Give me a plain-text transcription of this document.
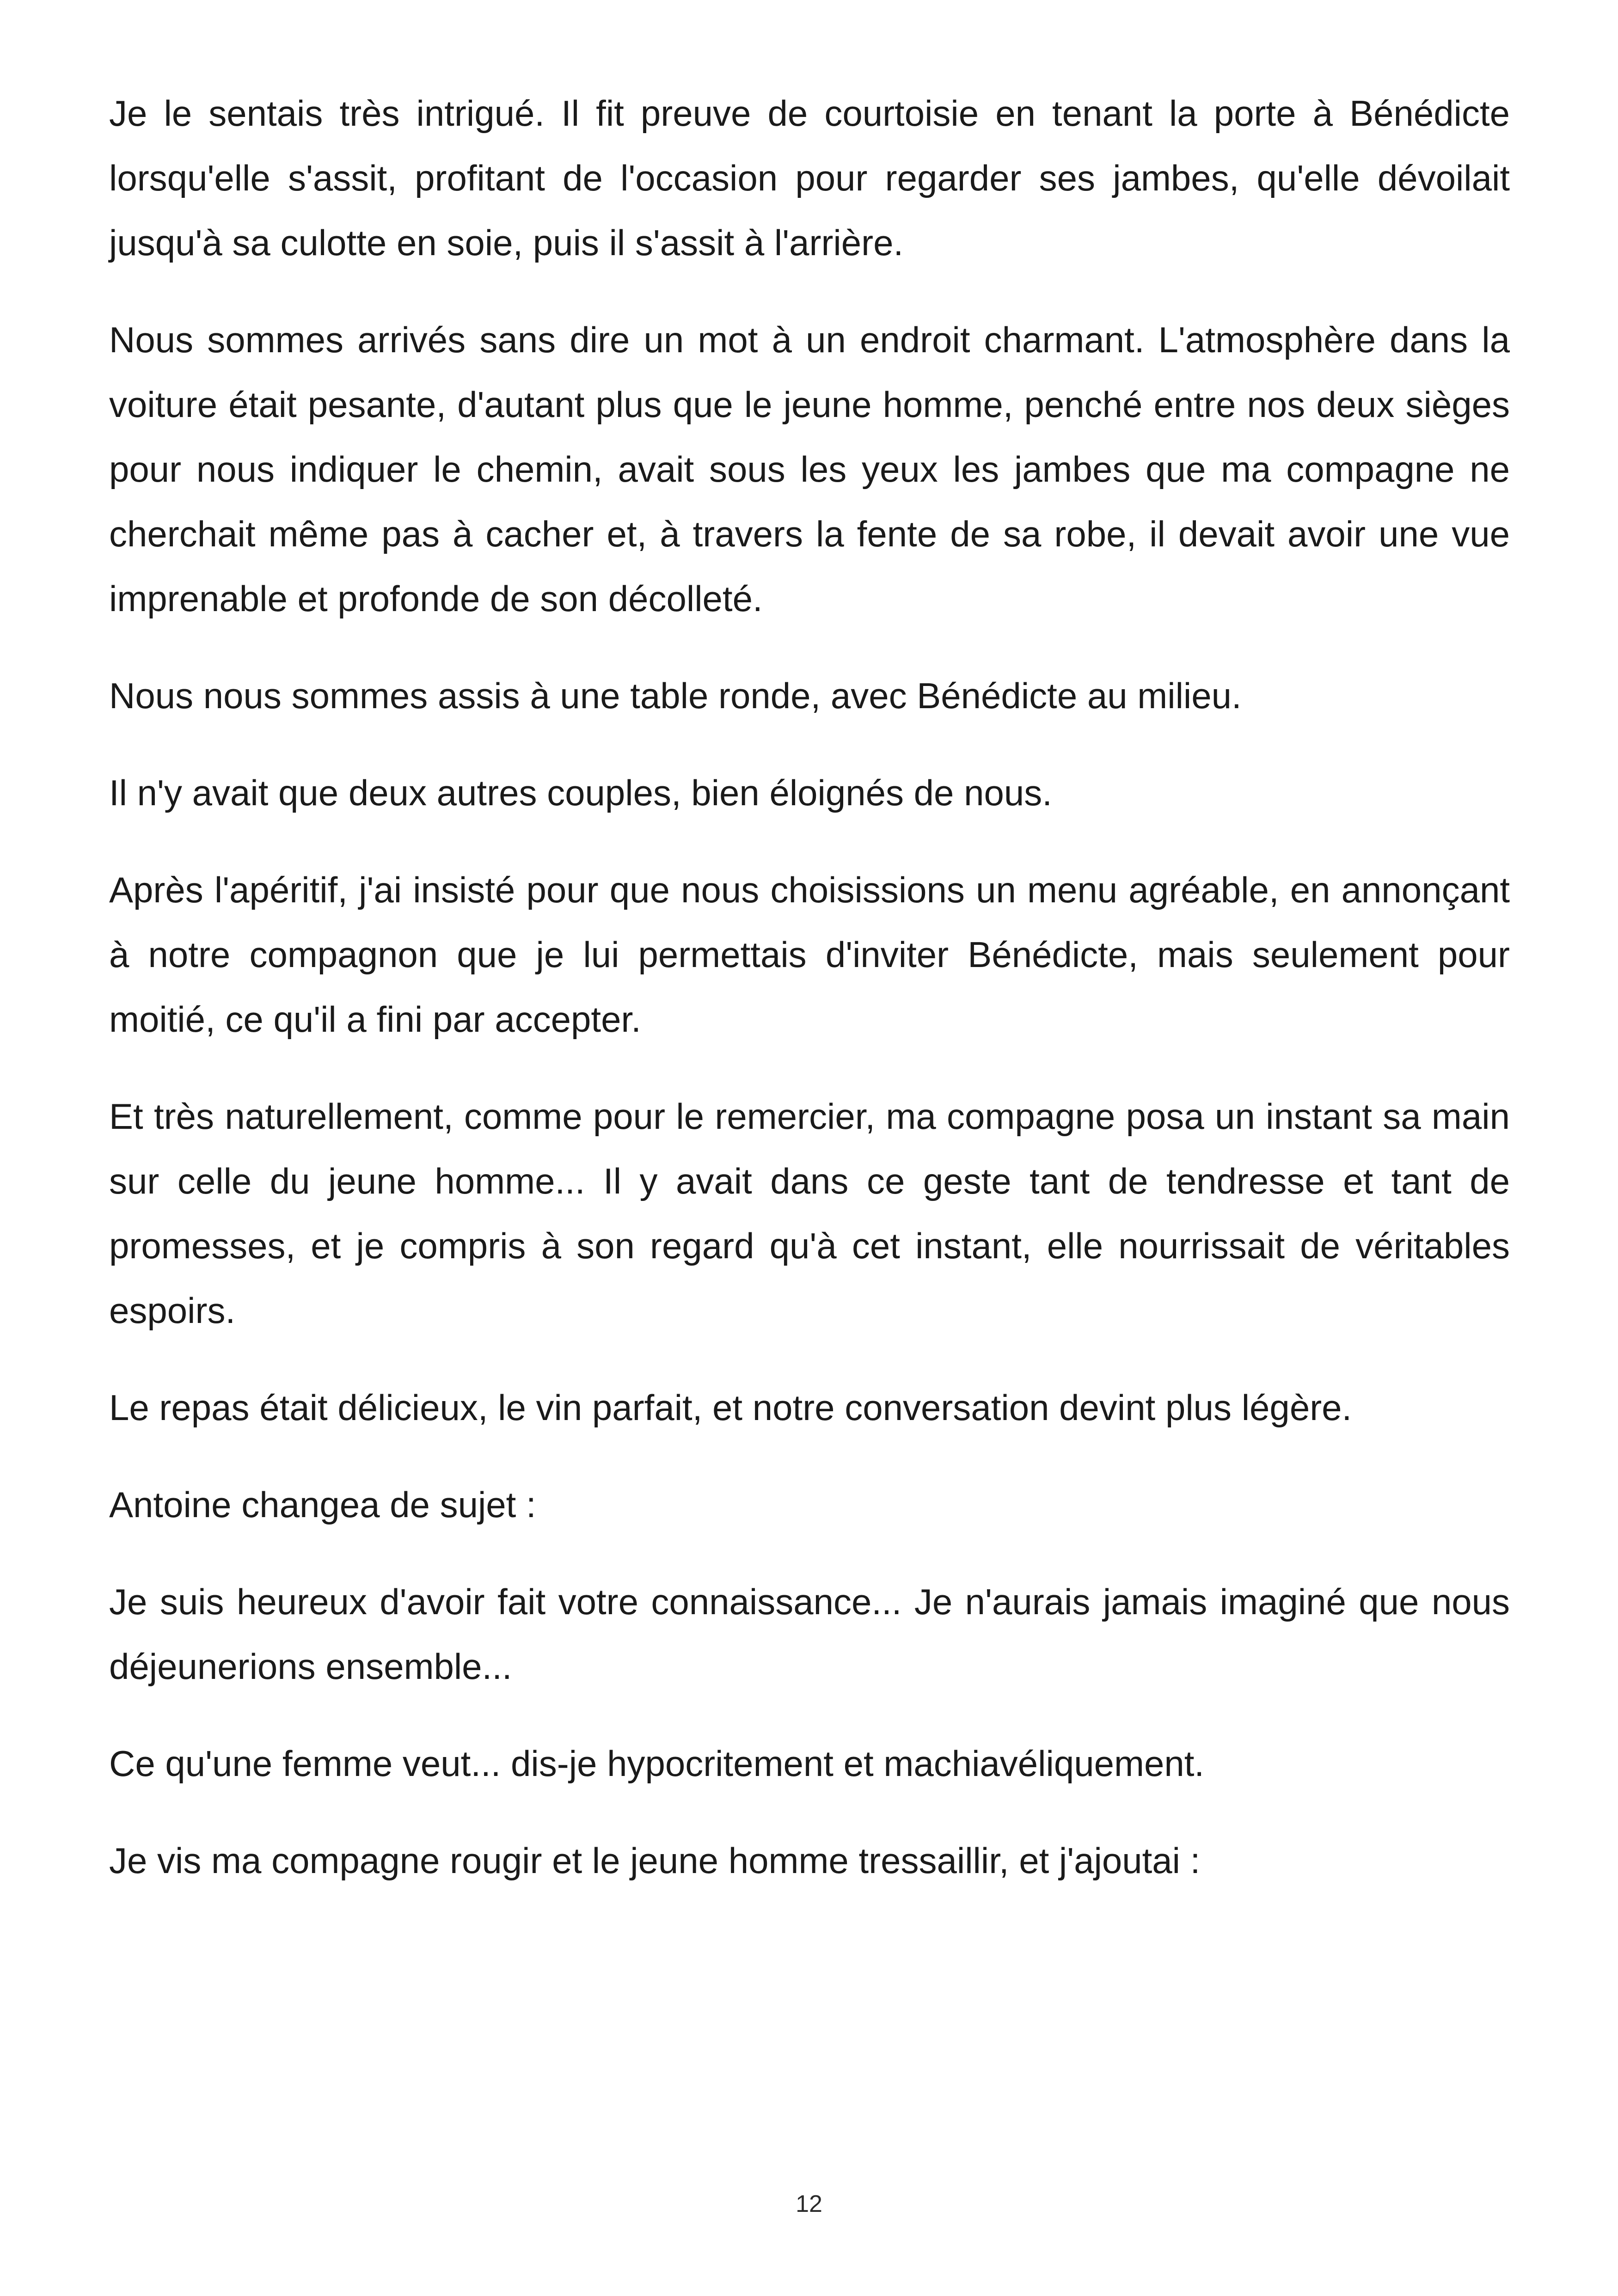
Je le sentais très intrigué. Il fit preuve de courtoisie en tenant la porte à Bénédicte lorsqu'elle s'assit, profitant de l'occasion pour regarder ses jambes, qu'elle dévoilait jusqu'à sa culotte en soie, puis il s'assit à l'arrière.

Nous sommes arrivés sans dire un mot à un endroit charmant. L'atmosphère dans la voiture était pesante, d'autant plus que le jeune homme, penché entre nos deux sièges pour nous indiquer le chemin, avait sous les yeux les jambes que ma compagne ne cherchait même pas à cacher et, à travers la fente de sa robe, il devait avoir une vue imprenable et profonde de son décolleté.

Nous nous sommes assis à une table ronde, avec Bénédicte au milieu.

Il n'y avait que deux autres couples, bien éloignés de nous.

Après l'apéritif, j'ai insisté pour que nous choisissions un menu agréable, en annonçant à notre compagnon que je lui permettais d'inviter Bénédicte, mais seulement pour moitié, ce qu'il a fini par accepter.

Et très naturellement, comme pour le remercier, ma compagne posa un instant sa main sur celle du jeune homme... Il y avait dans ce geste tant de tendresse et tant de promesses, et je compris à son regard qu'à cet instant, elle nourrissait de véritables espoirs.

Le repas était délicieux, le vin parfait, et notre conversation devint plus légère.

Antoine changea de sujet :

Je suis heureux d'avoir fait votre connaissance... Je n'aurais jamais imaginé que nous déjeunerions ensemble...

Ce qu'une femme veut... dis-je hypocritement et machiavéliquement.

Je vis ma compagne rougir et le jeune homme tressaillir, et j'ajoutai :

12
